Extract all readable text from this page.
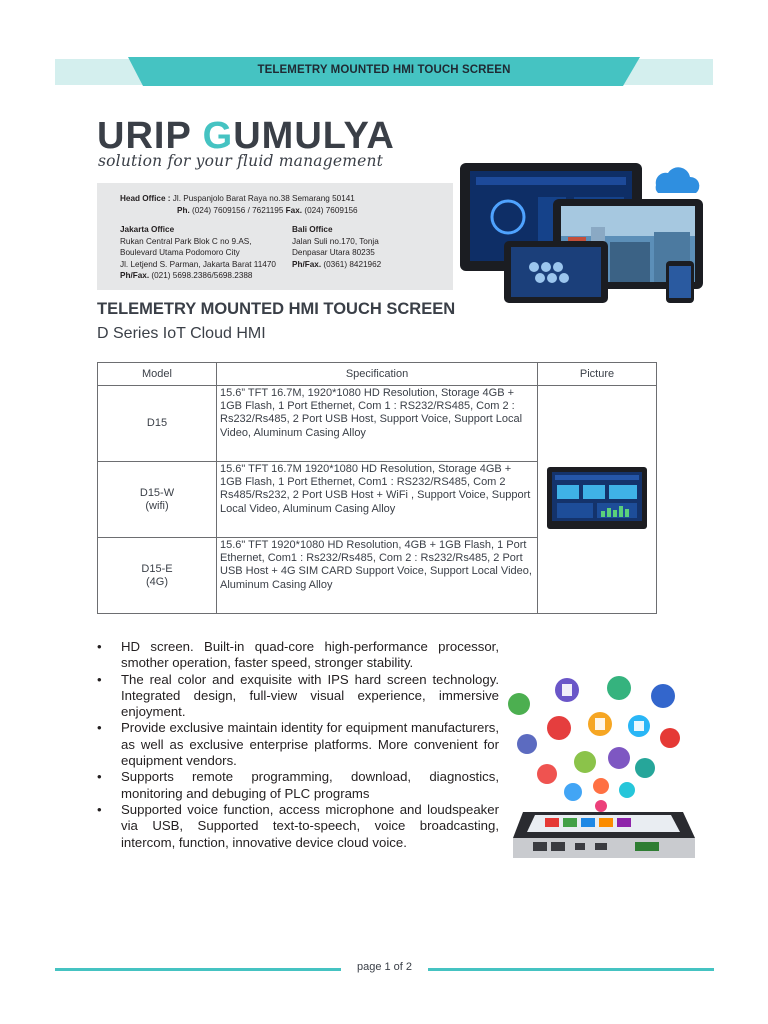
TELEMETRY MOUNTED HMI TOUCH SCREEN
URIP GUMULYA
solution for your fluid management
Head Office : Jl. Puspanjolo Barat Raya no.38 Semarang 50141
Ph. (024) 7609156 / 7621195 Fax. (024) 7609156
Jakarta Office
Rukan Central Park Blok C no 9.AS,
Boulevard Utama Podomoro City
Jl. Letjend S. Parman, Jakarta Barat 11470
Ph/Fax. (021) 5698.2386/5698.2388
Bali Office
Jalan Suli no.170, Tonja
Denpasar Utara 80235
Ph/Fax. (0361) 8421962
TELEMETRY MOUNTED HMI TOUCH SCREEN
D Series IoT Cloud HMI
Model	Specification	Picture

D15	15.6” TFT 16.7M, 1920*1080 HD Resolution, Storage 4GB + 1GB Flash, 1 Port Ethernet, Com 1 : RS232/RS485, Com 2 : Rs232/Rs485, 2 Port USB Host, Support Voice, Support Local Video, Aluminum Casing Alloy	

D15-W
(wifi)	15.6" TFT 16.7M 1920*1080 HD Resolution, Storage 4GB + 1GB Flash, 1 Port Ethernet, Com1 : RS232/RS485, Com 2 Rs485/Rs232, 2 Port USB Host + WiFi , Support Voice, Support Local Video, Aluminum Casing Alloy	

D15-E
(4G)	15.6" TFT 1920*1080 HD Resolution, 4GB + 1GB Flash, 1 Port Ethernet, Com1 : Rs232/Rs485, Com 2 : Rs232/Rs485, 2 Port USB Host + 4G SIM CARD Support Voice, Support Local Video, Aluminum Casing Alloy	
• HD screen. Built-in quad-core high-performance processor, smother operation, faster speed, stronger stability.
• The real color and exquisite with IPS hard screen technology. Integrated design, full-view visual experience, immersive enjoyment.
• Provide exclusive maintain identity for equipment manufacturers, as well as exclusive enterprise platforms. More convenient for equipment vendors.
• Supports remote programming, download, diagnostics, monitoring and debuging of PLC programs
• Supported voice function, access microphone and loudspeaker via USB, Supported text-to-speech, voice broadcasting, intercom, function, innovative device cloud voice.
page 1 of 2
